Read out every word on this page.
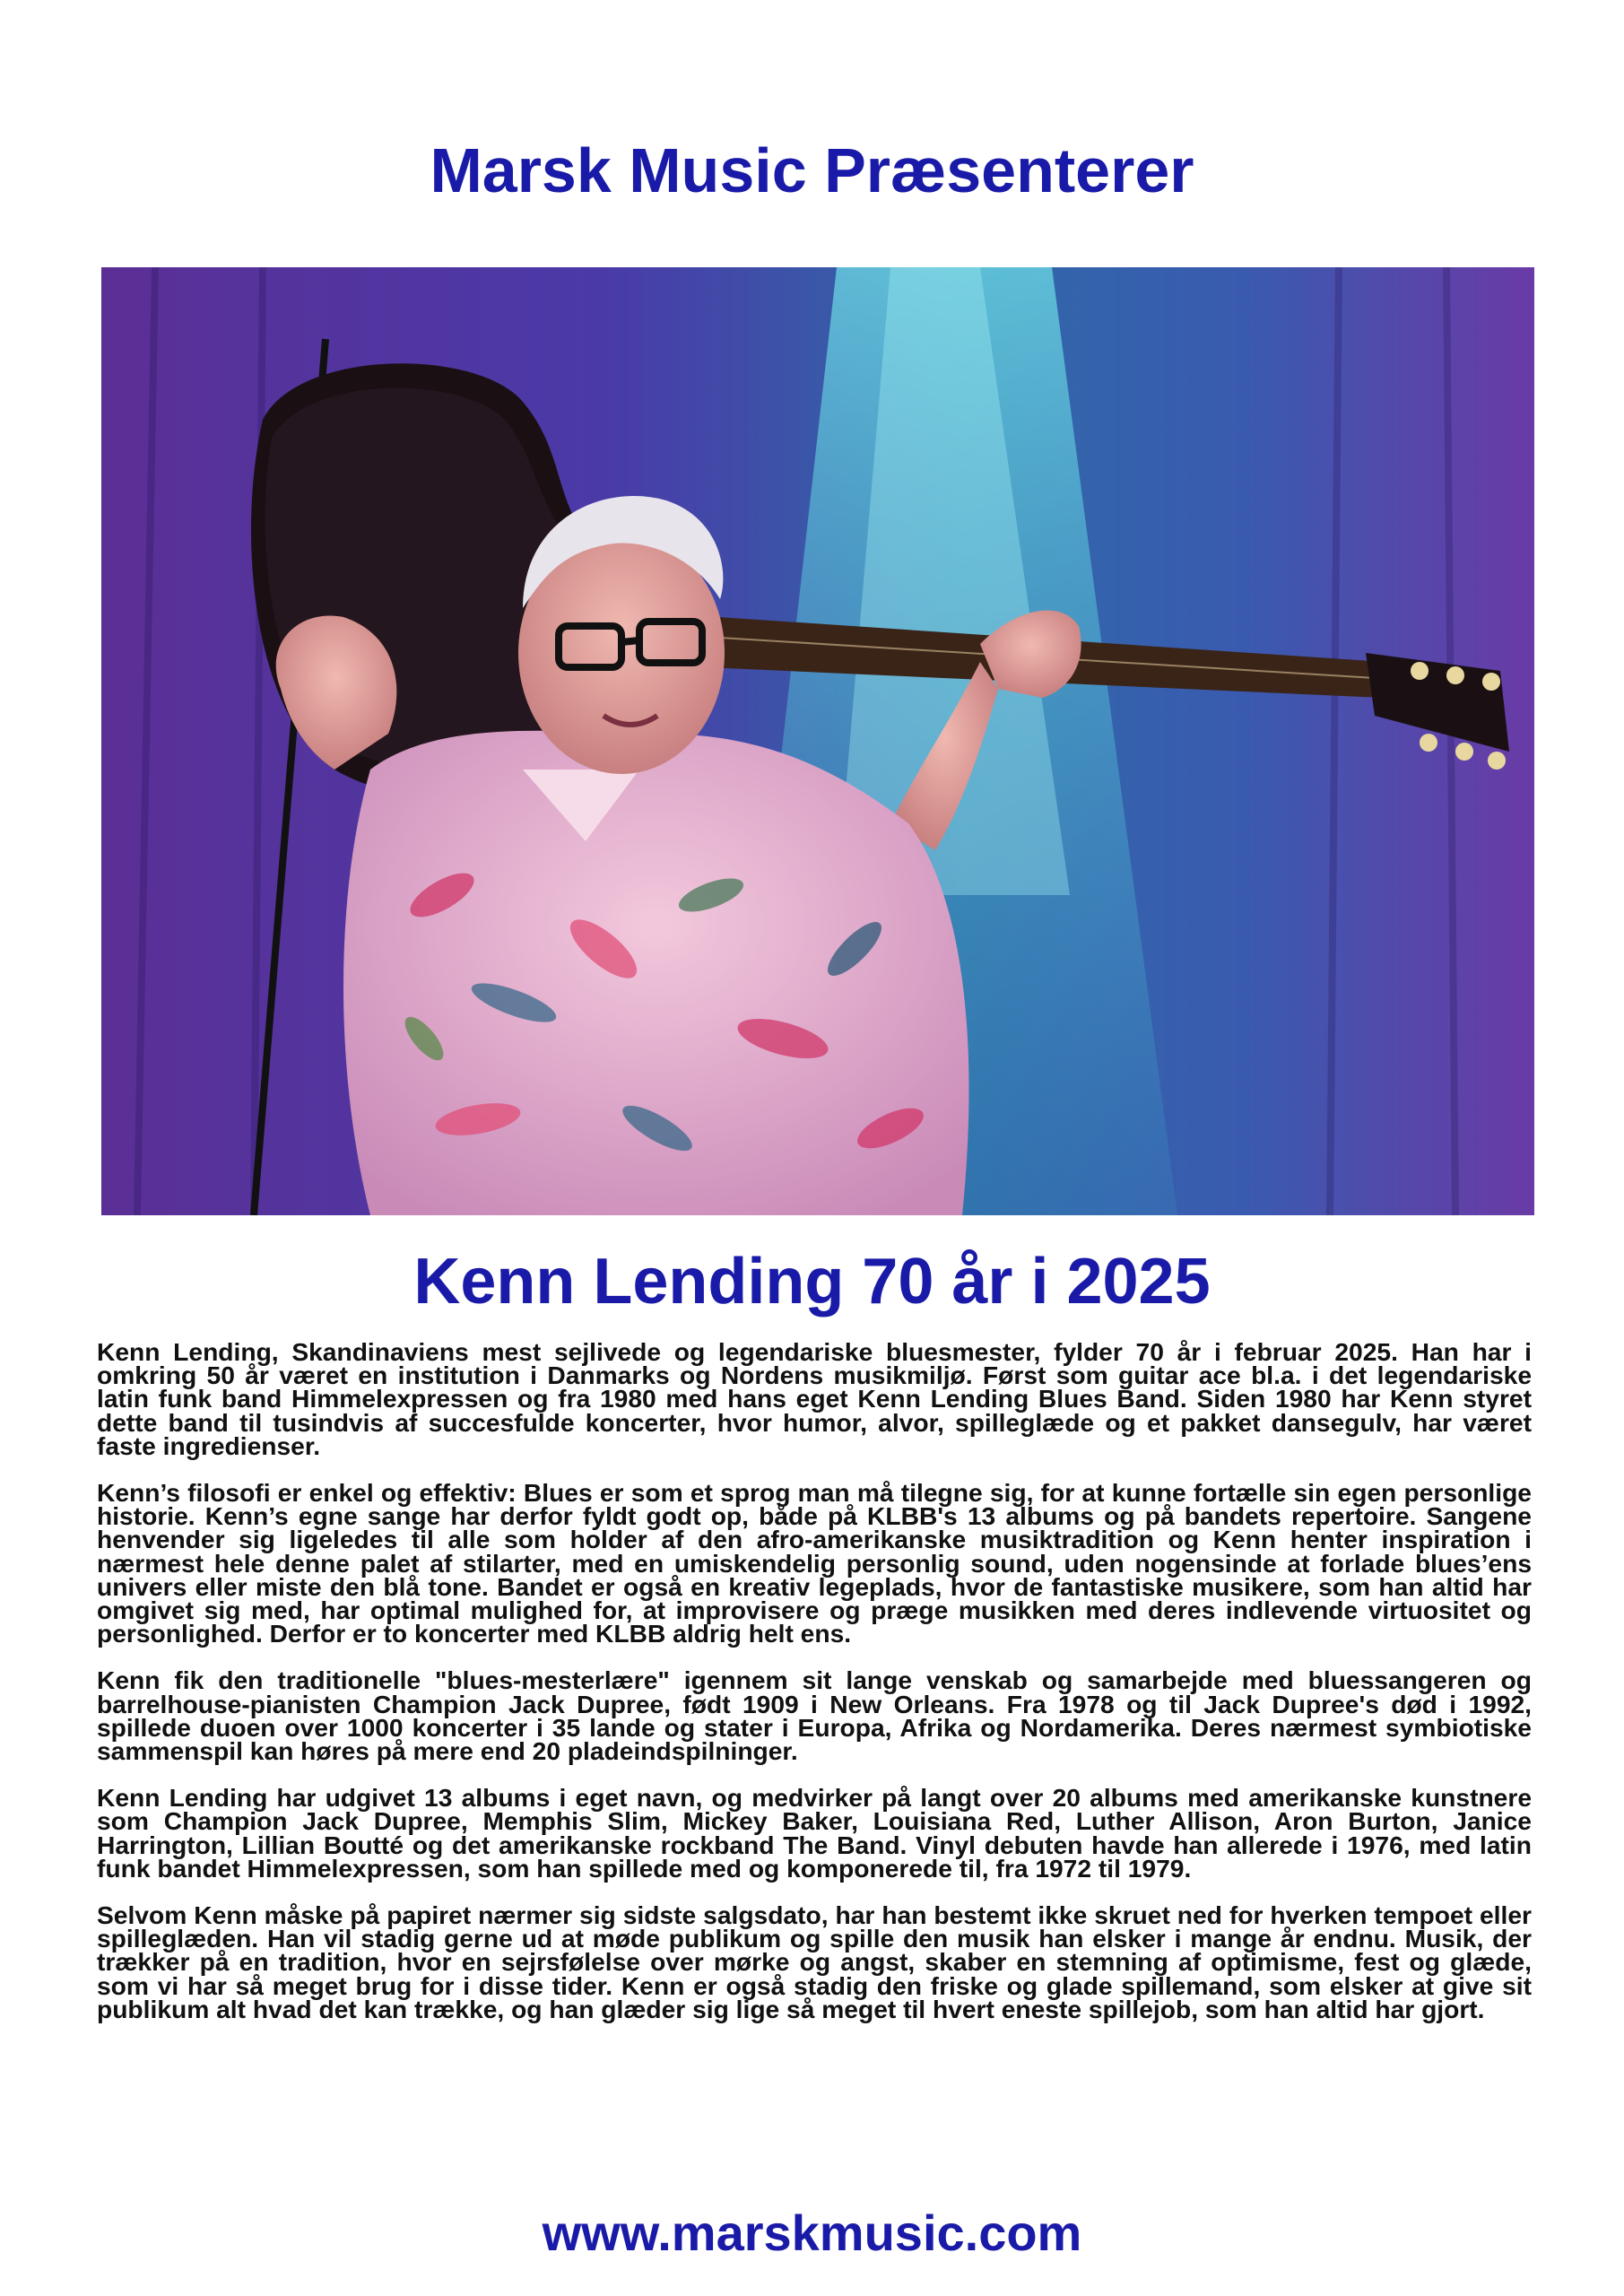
Marsk Music Præsenterer
Kenn Lending 70 år i 2025

Kenn Lending, Skandinaviens mest sejlivede og legendariske bluesmester, fylder 70 år i februar 2025. Han har i omkring 50 år været en institution i Danmarks og Nordens musikmiljø. Først som guitar ace bl.a. i det legendariske latin funk band Himmelexpressen og fra 1980 med hans eget Kenn Lending Blues Band. Siden 1980 har Kenn styret dette band til tusindvis af succesfulde koncerter, hvor humor, alvor, spilleglæde og et pakket dansegulv, har været faste ingredienser.

Kenn’s filosofi er enkel og effektiv: Blues er som et sprog man må tilegne sig, for at kunne fortælle sin egen personlige historie. Kenn’s egne sange har derfor fyldt godt op, både på KLBB's 13 albums og på bandets repertoire. Sangene henvender sig ligeledes til alle som holder af den afro-amerikanske musiktradition og Kenn henter inspiration i nærmest hele denne palet af stilarter, med en umiskendelig personlig sound, uden nogensinde at forlade blues’ens univers eller miste den blå tone. Bandet er også en kreativ legeplads, hvor de fantastiske musikere, som han altid har omgivet sig med, har optimal mulighed for, at improvisere og præge musikken med deres indlevende virtuositet og personlighed. Derfor er to koncerter med KLBB aldrig helt ens.

Kenn fik den traditionelle "blues-mesterlære" igennem sit lange venskab og samarbejde med bluessangeren og barrelhouse-pianisten Champion Jack Dupree, født 1909 i New Orleans. Fra 1978 og til Jack Dupree's død i 1992, spillede duoen over 1000 koncerter i 35 lande og stater i Europa, Afrika og Nordamerika. Deres nærmest symbiotiske sammenspil kan høres på mere end 20 pladeindspilninger.

Kenn Lending har udgivet 13 albums i eget navn, og medvirker på langt over 20 albums med amerikanske kunstnere som Champion Jack Dupree, Memphis Slim, Mickey Baker, Louisiana Red, Luther Allison, Aron Burton, Janice Harrington, Lillian Boutté og det amerikanske rockband The Band. Vinyl debuten havde han allerede i 1976, med latin funk bandet Himmelexpressen, som han spillede med og komponerede til, fra 1972 til 1979.

Selvom Kenn måske på papiret nærmer sig sidste salgsdato, har han bestemt ikke skruet ned for hverken tempoet eller spilleglæden. Han vil stadig gerne ud at møde publikum og spille den musik han elsker i mange år endnu. Musik, der trækker på en tradition, hvor en sejrsfølelse over mørke og angst, skaber en stemning af optimisme, fest og glæde, som vi har så meget brug for i disse tider. Kenn er også stadig den friske og glade spillemand, som elsker at give sit publikum alt hvad det kan trække, og han glæder sig lige så meget til hvert eneste spillejob, som han altid har gjort.

www.marskmusic.com
